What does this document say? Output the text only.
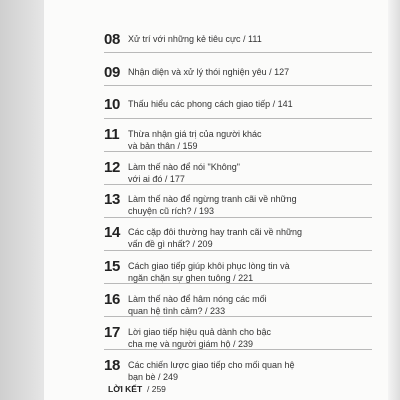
08 Xử trí với những kẻ tiêu cực / 111
09 Nhận diện và xử lý thói nghiện yêu / 127
10 Thấu hiểu các phong cách giao tiếp / 141
11 Thừa nhận giá trị của người khác
và bản thân / 159
12 Làm thế nào để nói "Không"
với ai đó / 177
13 Làm thế nào để ngừng tranh cãi về những
chuyện cũ rích? / 193
14 Các cặp đôi thường hay tranh cãi về những
vấn đề gì nhất? / 209
15 Cách giao tiếp giúp khôi phục lòng tin và
ngăn chặn sự ghen tuông / 221
16 Làm thế nào để hâm nóng các mối
quan hệ tình cảm? / 233
17 Lời giao tiếp hiệu quả dành cho bậc
cha mẹ và người giám hộ / 239
18 Các chiến lược giao tiếp cho mối quan hệ
bạn bè / 249
LỜI KẾT / 259
